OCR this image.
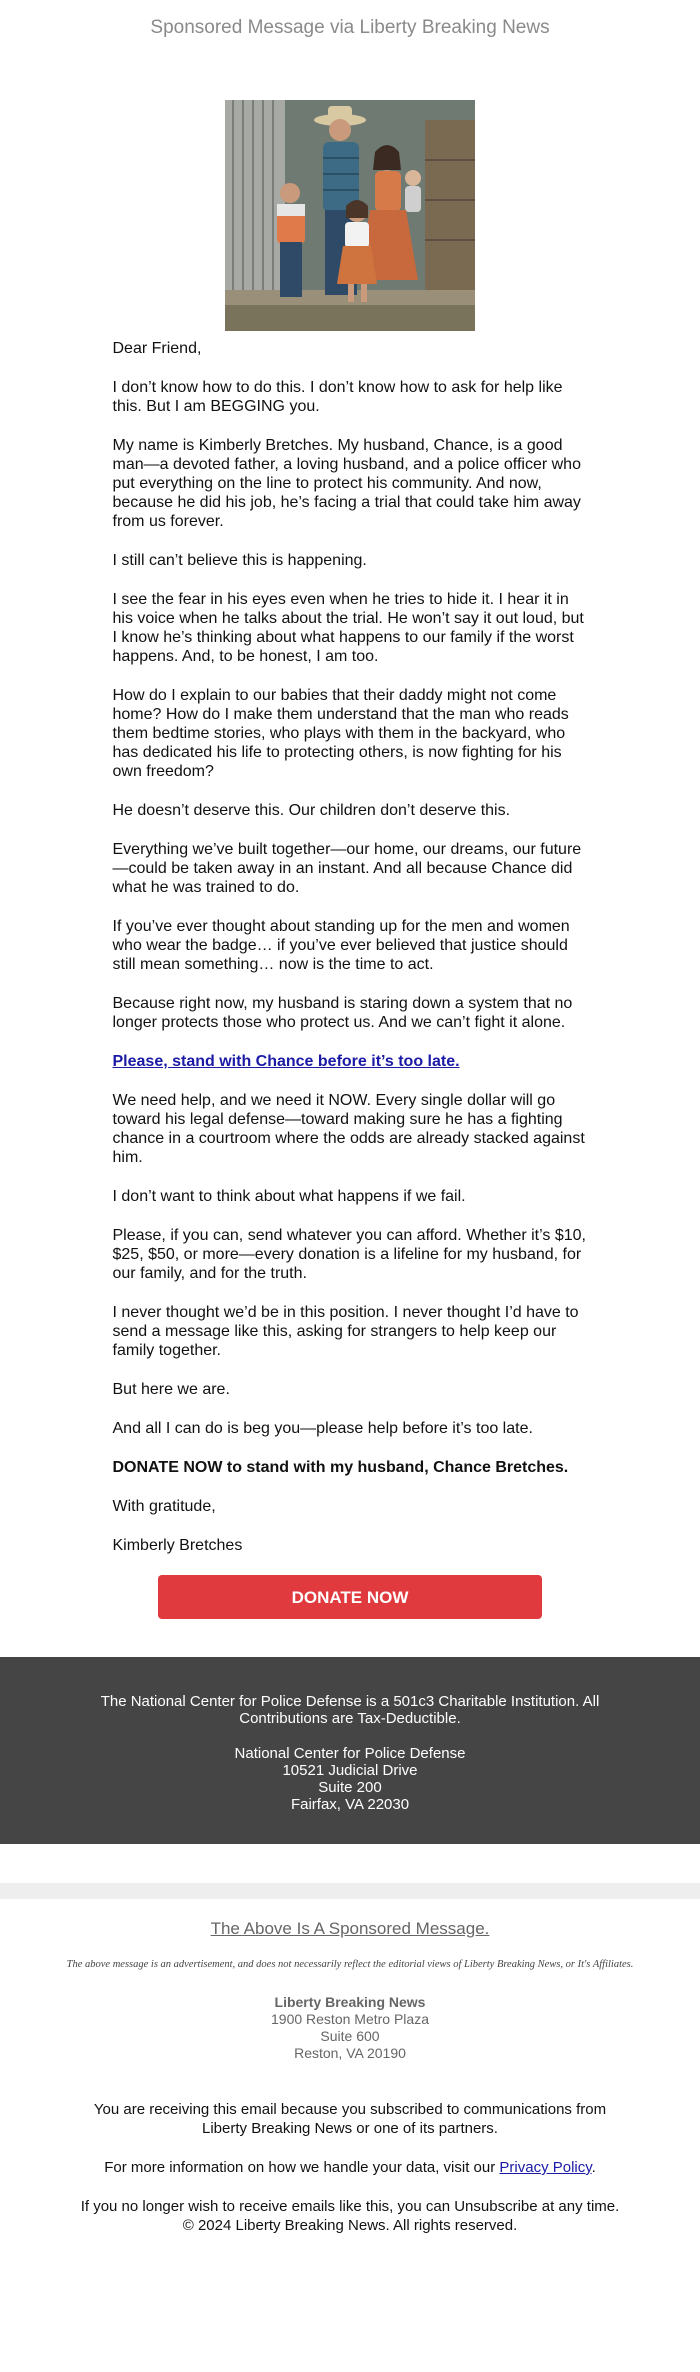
Sponsored Message via Liberty Breaking News

Dear Friend,

I don’t know how to do this. I don’t know how to ask for help like this. But I am BEGGING you.

My name is Kimberly Bretches. My husband, Chance, is a good man—a devoted father, a loving husband, and a police officer who put everything on the line to protect his community. And now, because he did his job, he’s facing a trial that could take him away from us forever.

I still can’t believe this is happening.

I see the fear in his eyes even when he tries to hide it. I hear it in his voice when he talks about the trial. He won’t say it out loud, but I know he’s thinking about what happens to our family if the worst happens. And, to be honest, I am too.

How do I explain to our babies that their daddy might not come home? How do I make them understand that the man who reads them bedtime stories, who plays with them in the backyard, who has dedicated his life to protecting others, is now fighting for his own freedom?

He doesn’t deserve this. Our children don’t deserve this.

Everything we’ve built together—our home, our dreams, our future—could be taken away in an instant. And all because Chance did what he was trained to do.

If you’ve ever thought about standing up for the men and women who wear the badge… if you’ve ever believed that justice should still mean something… now is the time to act.

Because right now, my husband is staring down a system that no longer protects those who protect us. And we can’t fight it alone.

Please, stand with Chance before it’s too late.

We need help, and we need it NOW. Every single dollar will go toward his legal defense—toward making sure he has a fighting chance in a courtroom where the odds are already stacked against him.

I don’t want to think about what happens if we fail.

Please, if you can, send whatever you can afford. Whether it’s $10, $25, $50, or more—every donation is a lifeline for my husband, for our family, and for the truth.

I never thought we’d be in this position. I never thought I’d have to send a message like this, asking for strangers to help keep our family together.

But here we are.

And all I can do is beg you—please help before it’s too late.

DONATE NOW to stand with my husband, Chance Bretches.

With gratitude,

Kimberly Bretches

DONATE NOW
The National Center for Police Defense is a 501c3 Charitable Institution. All Contributions are Tax-Deductible.
National Center for Police Defense
10521 Judicial Drive
Suite 200
Fairfax, VA 22030
The Above Is A Sponsored Message.
The above message is an advertisement, and does not necessarily reflect the editorial views of Liberty Breaking News, or It's Affiliates.
Liberty Breaking News
1900 Reston Metro Plaza
Suite 600
Reston, VA 20190

You are receiving this email because you subscribed to communications from Liberty Breaking News or one of its partners.

For more information on how we handle your data, visit our Privacy Policy.

If you no longer wish to receive emails like this, you can Unsubscribe at any time.

© 2024 Liberty Breaking News. All rights reserved.
